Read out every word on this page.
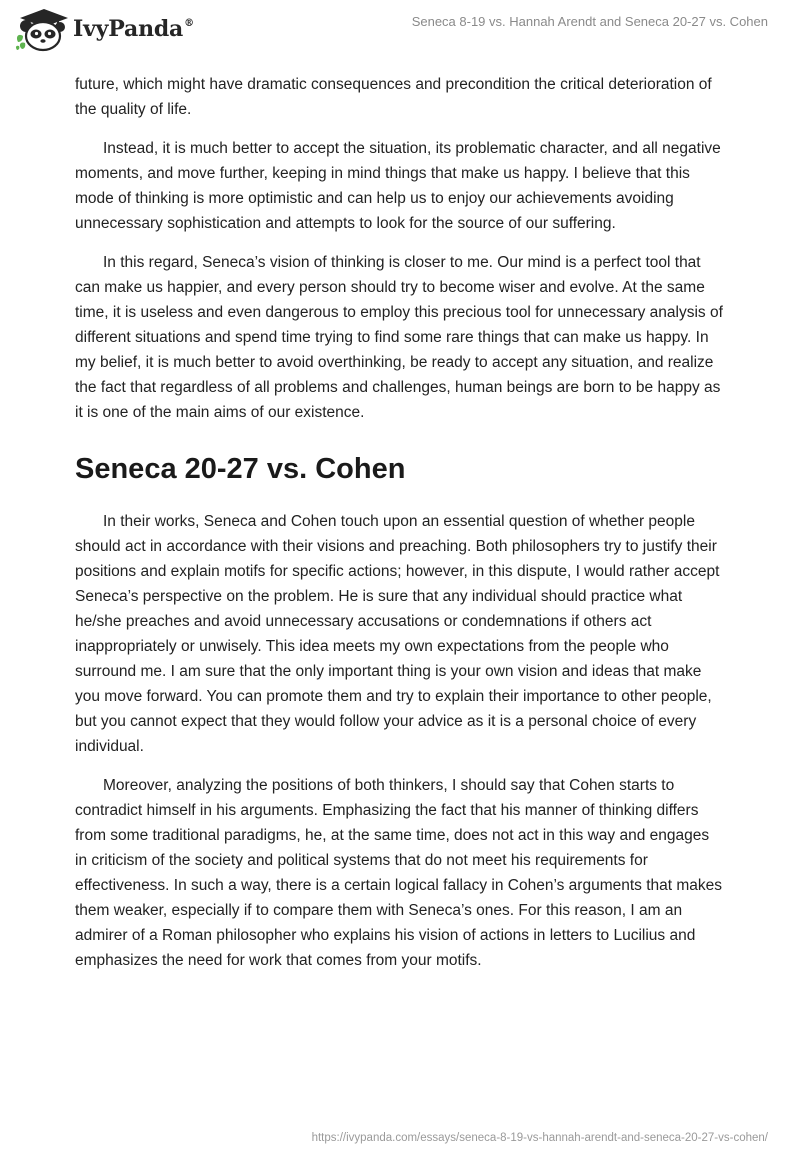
IvyPanda®	Seneca 8-19 vs. Hannah Arendt and Seneca 20-27 vs. Cohen

future, which might have dramatic consequences and precondition the critical deterioration of the quality of life.

Instead, it is much better to accept the situation, its problematic character, and all negative moments, and move further, keeping in mind things that make us happy. I believe that this mode of thinking is more optimistic and can help us to enjoy our achievements avoiding unnecessary sophistication and attempts to look for the source of our suffering.

In this regard, Seneca’s vision of thinking is closer to me. Our mind is a perfect tool that can make us happier, and every person should try to become wiser and evolve. At the same time, it is useless and even dangerous to employ this precious tool for unnecessary analysis of different situations and spend time trying to find some rare things that can make us happy. In my belief, it is much better to avoid overthinking, be ready to accept any situation, and realize the fact that regardless of all problems and challenges, human beings are born to be happy as it is one of the main aims of our existence.

Seneca 20-27 vs. Cohen

In their works, Seneca and Cohen touch upon an essential question of whether people should act in accordance with their visions and preaching. Both philosophers try to justify their positions and explain motifs for specific actions; however, in this dispute, I would rather accept Seneca’s perspective on the problem. He is sure that any individual should practice what he/she preaches and avoid unnecessary accusations or condemnations if others act inappropriately or unwisely. This idea meets my own expectations from the people who surround me. I am sure that the only important thing is your own vision and ideas that make you move forward. You can promote them and try to explain their importance to other people, but you cannot expect that they would follow your advice as it is a personal choice of every individual.

Moreover, analyzing the positions of both thinkers, I should say that Cohen starts to contradict himself in his arguments. Emphasizing the fact that his manner of thinking differs from some traditional paradigms, he, at the same time, does not act in this way and engages in criticism of the society and political systems that do not meet his requirements for effectiveness. In such a way, there is a certain logical fallacy in Cohen’s arguments that makes them weaker, especially if to compare them with Seneca’s ones. For this reason, I am an admirer of a Roman philosopher who explains his vision of actions in letters to Lucilius and emphasizes the need for work that comes from your motifs.

https://ivypanda.com/essays/seneca-8-19-vs-hannah-arendt-and-seneca-20-27-vs-cohen/
